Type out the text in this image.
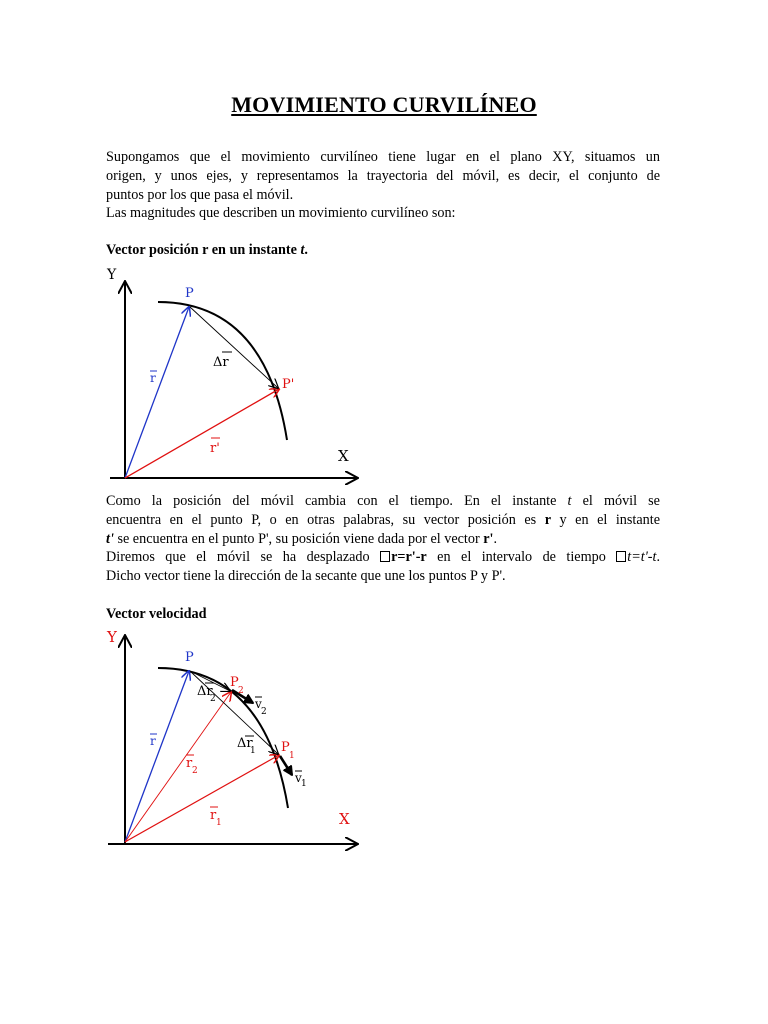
MOVIMIENTO CURVILÍNEO
Supongamos que el movimiento curvilíneo tiene lugar en el plano XY, situamos un
origen, y unos ejes, y representamos la trayectoria del móvil, es decir, el conjunto de
puntos por los que pasa el móvil.
Las magnitudes que describen un movimiento curvilíneo son:
Vector posición r en un instante t.
Y
X
P
P'
r
r'
Δr
Como la posición del móvil cambia con el tiempo. En el instante t el móvil se
encuentra en el punto P, o en otras palabras, su vector posición es r y en el instante
t' se encuentra en el punto P', su posición viene dada por el vector r'.
Diremos que el móvil se ha desplazado r=r'-r en el intervalo de tiempo t=t'-t.
Dicho vector tiene la dirección de la secante que une los puntos P y P'.
Vector velocidad
Y
X
P
P
2
P
1
r
r 2
r 1
Δr
2
Δr
1
v
2
v 1
